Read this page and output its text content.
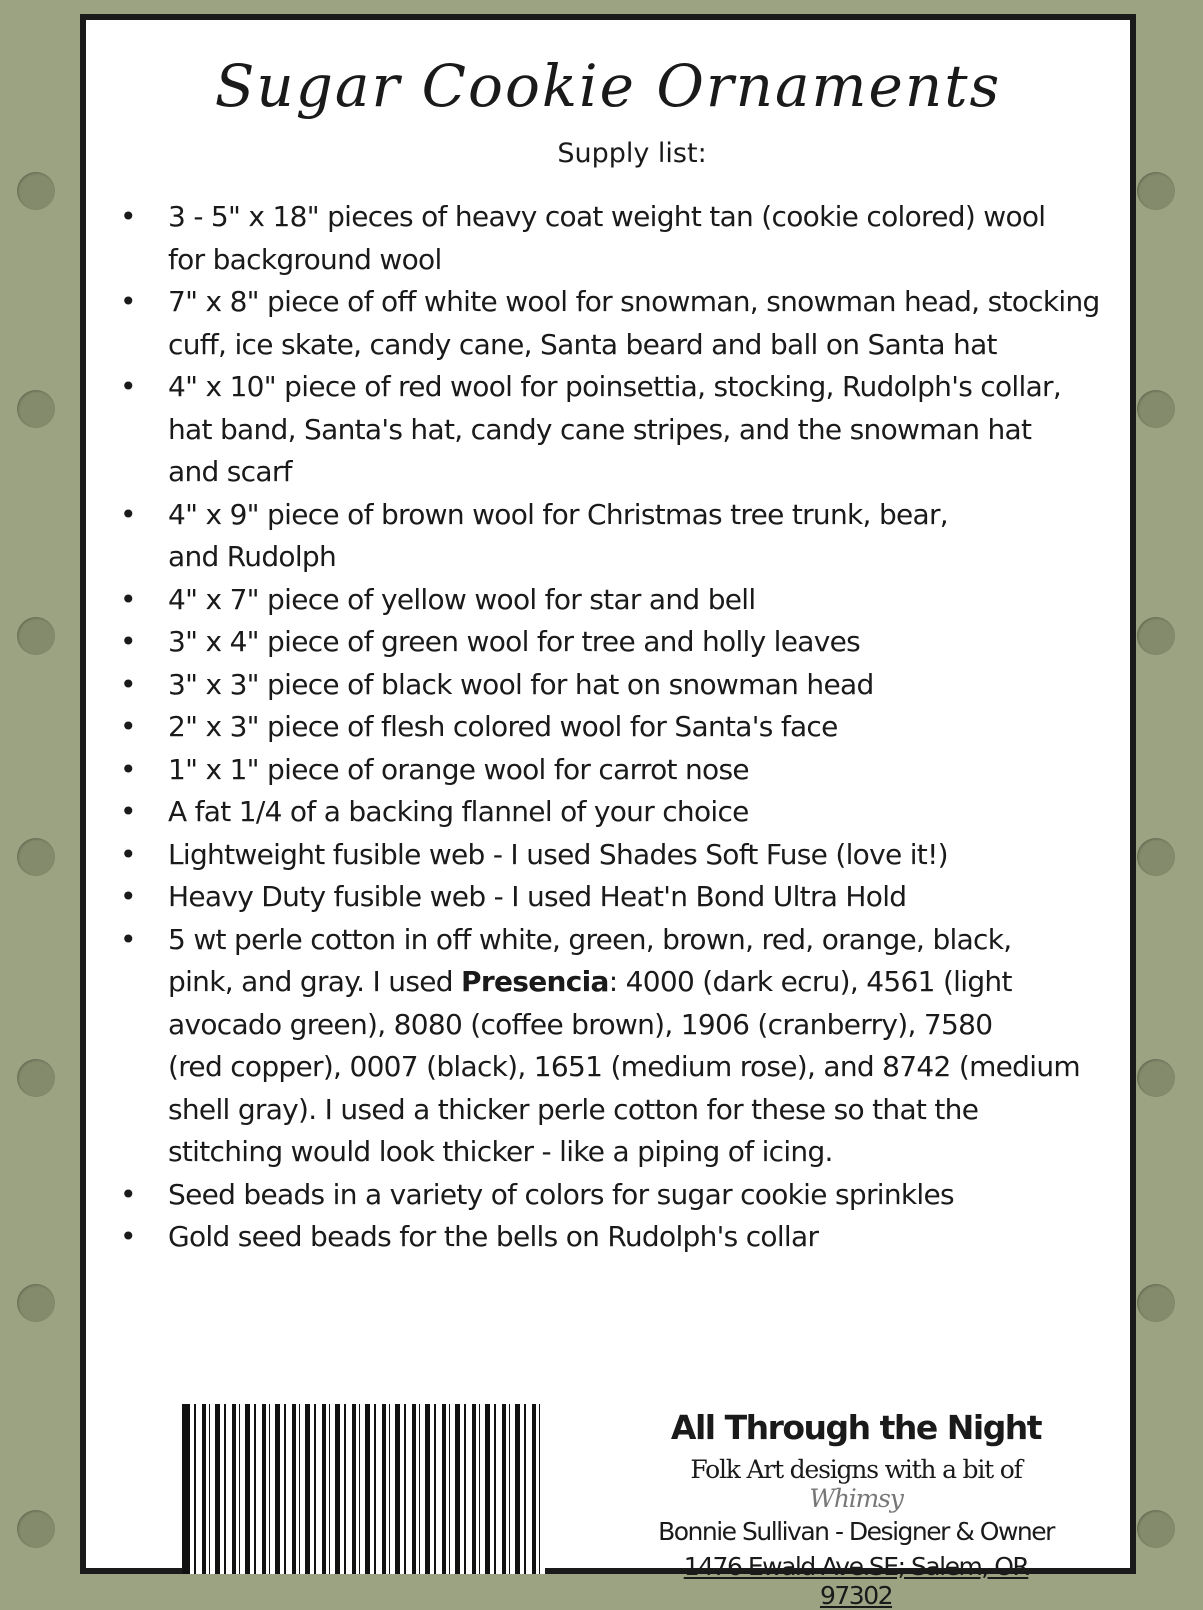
Sugar Cookie Ornaments
Supply list:
•
3 - 5" x 18" pieces of heavy coat weight tan (cookie colored) wool
for background wool
•
7" x 8" piece of off white wool for snowman, snowman head, stocking
cuff, ice skate, candy cane, Santa beard and ball on Santa hat
•
4" x 10" piece of red wool for poinsettia, stocking, Rudolph's collar,
hat band, Santa's hat, candy cane stripes, and the snowman hat
and scarf
•
4" x 9" piece of brown wool for Christmas tree trunk, bear,
and Rudolph
•
4" x 7" piece of yellow wool for star and bell
•
3" x 4" piece of green wool for tree and holly leaves
•
3" x 3" piece of black wool for hat on snowman head
•
2" x 3" piece of flesh colored wool for Santa's face
•
1" x 1" piece of orange wool for carrot nose
•
A fat 1/4 of a backing flannel of your choice
•
Lightweight fusible web - I used Shades Soft Fuse (love it!)
•
Heavy Duty fusible web - I used Heat'n Bond Ultra Hold
•
5 wt perle cotton in off white, green, brown, red, orange, black,
pink, and gray. I used Presencia: 4000 (dark ecru), 4561 (light
avocado green), 8080 (coffee brown), 1906 (cranberry), 7580
(red copper), 0007 (black), 1651 (medium rose), and 8742 (medium
shell gray). I used a thicker perle cotton for these so that the
stitching would look thicker - like a piping of icing.
•
Seed beads in a variety of colors for sugar cookie sprinkles
•
Gold seed beads for the bells on Rudolph's collar
All Through the Night
Folk Art designs with a bit of Whimsy
Bonnie Sullivan - Designer & Owner
1476 Ewald Ave.SE; Salem, OR 97302
